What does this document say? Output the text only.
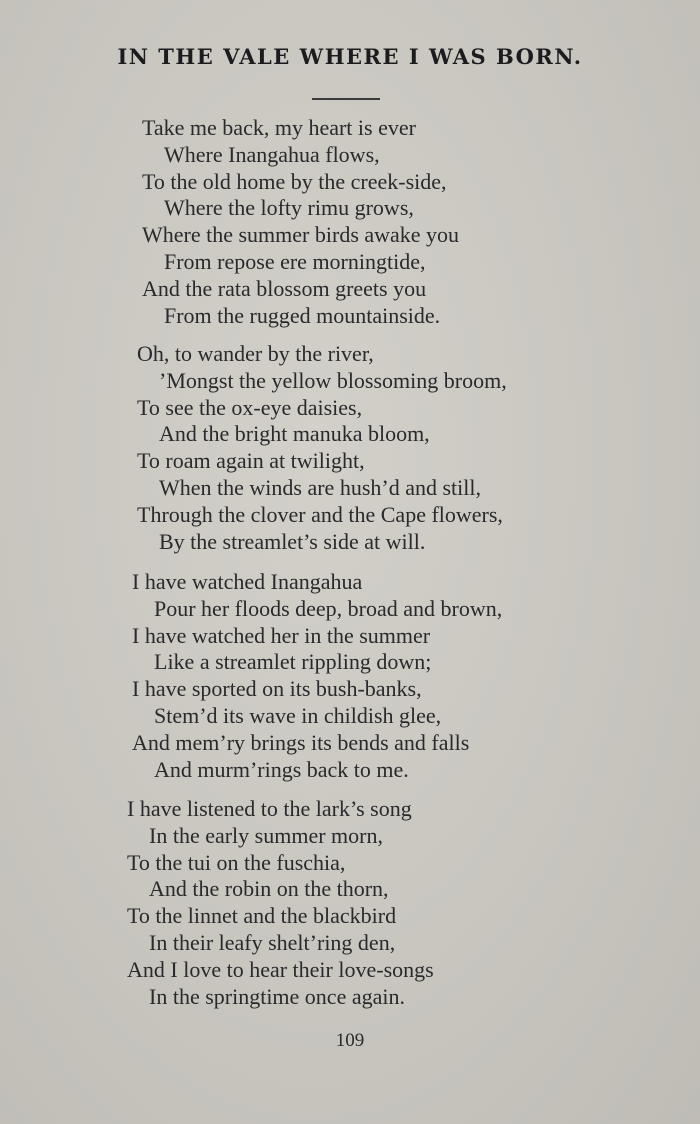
IN THE VALE WHERE I WAS BORN.
Take me back, my heart is ever
Where Inangahua flows,
To the old home by the creek-side,
Where the lofty rimu grows,
Where the summer birds awake you
From repose ere morningtide,
And the rata blossom greets you
From the rugged mountainside.
Oh, to wander by the river,
’Mongst the yellow blossoming broom,
To see the ox-eye daisies,
And the bright manuka bloom,
To roam again at twilight,
When the winds are hush’d and still,
Through the clover and the Cape flowers,
By the streamlet’s side at will.
I have watched Inangahua
Pour her floods deep, broad and brown,
I have watched her in the summer
Like a streamlet rippling down;
I have sported on its bush-banks,
Stem’d its wave in childish glee,
And mem’ry brings its bends and falls
And murm’rings back to me.
I have listened to the lark’s song
In the early summer morn,
To the tui on the fuschia,
And the robin on the thorn,
To the linnet and the blackbird
In their leafy shelt’ring den,
And I love to hear their love-songs
In the springtime once again.

109
